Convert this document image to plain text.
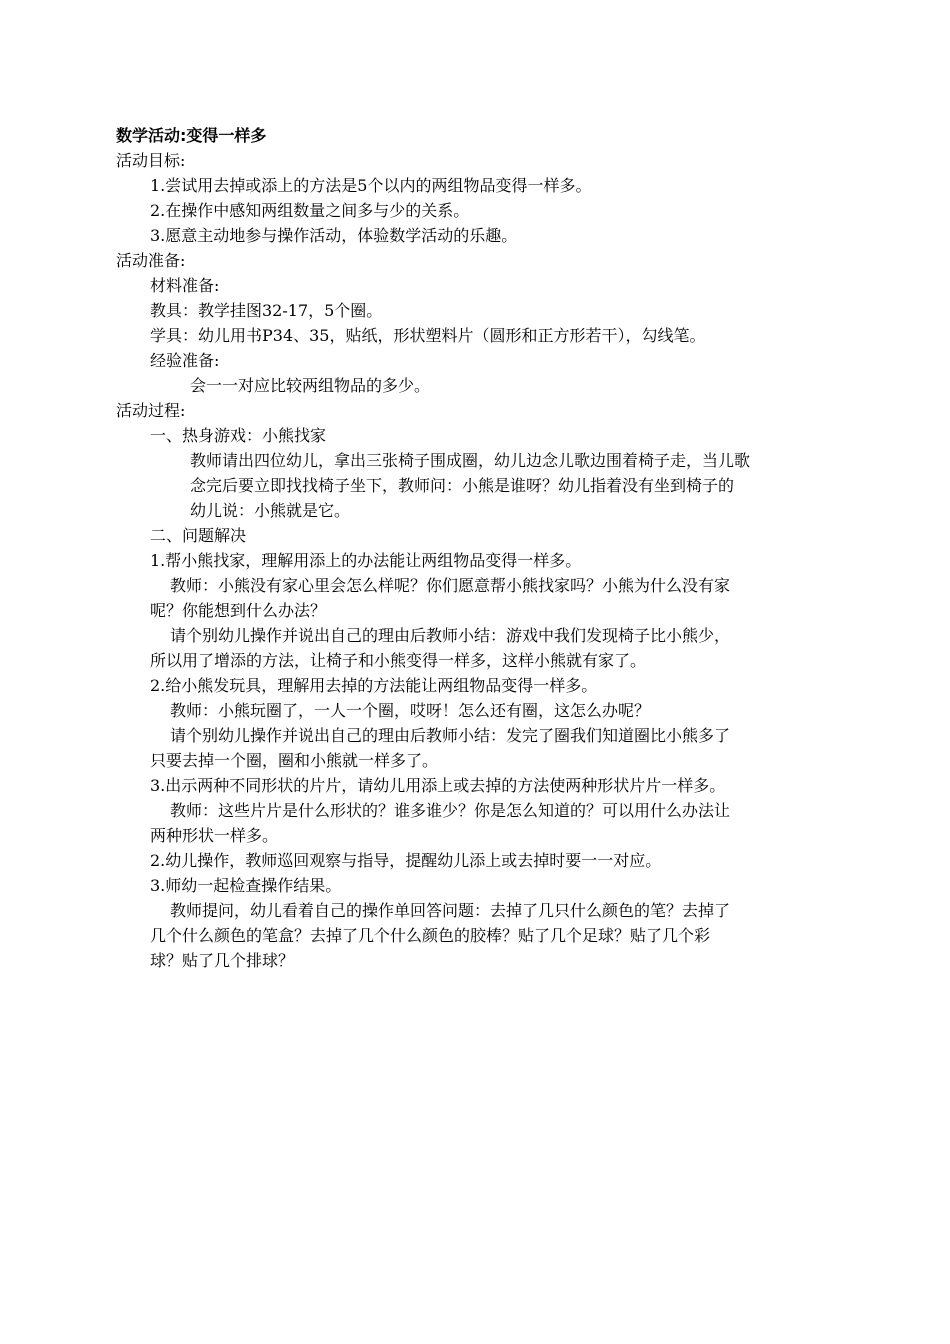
数学活动:变得一样多
活动目标:
1.尝试用去掉或添上的方法是5个以内的两组物品变得一样多。
2.在操作中感知两组数量之间多与少的关系。
3.愿意主动地参与操作活动，体验数学活动的乐趣。
活动准备:
材料准备:
教具：教学挂图32-17，5个圈。
学具：幼儿用书P34、35，贴纸，形状塑料片（圆形和正方形若干），勾线笔。
经验准备:
会一一对应比较两组物品的多少。
活动过程:
一、热身游戏：小熊找家
教师请出四位幼儿，拿出三张椅子围成圈，幼儿边念儿歌边围着椅子走，当儿歌
念完后要立即找找椅子坐下，教师问：小熊是谁呀？幼儿指着没有坐到椅子的
幼儿说：小熊就是它。
二、问题解决
1.帮小熊找家，理解用添上的办法能让两组物品变得一样多。
教师：小熊没有家心里会怎么样呢？你们愿意帮小熊找家吗？小熊为什么没有家
呢？你能想到什么办法？
请个别幼儿操作并说出自己的理由后教师小结：游戏中我们发现椅子比小熊少，
所以用了增添的方法，让椅子和小熊变得一样多，这样小熊就有家了。
2.给小熊发玩具，理解用去掉的方法能让两组物品变得一样多。
教师：小熊玩圈了，一人一个圈，哎呀！怎么还有圈，这怎么办呢？
请个别幼儿操作并说出自己的理由后教师小结：发完了圈我们知道圈比小熊多了
只要去掉一个圈，圈和小熊就一样多了。
3.出示两种不同形状的片片，请幼儿用添上或去掉的方法使两种形状片片一样多。
教师：这些片片是什么形状的？谁多谁少？你是怎么知道的？可以用什么办法让
两种形状一样多。
2.幼儿操作，教师巡回观察与指导，提醒幼儿添上或去掉时要一一对应。
3.师幼一起检查操作结果。
教师提问，幼儿看着自己的操作单回答问题：去掉了几只什么颜色的笔？去掉了
几个什么颜色的笔盒？去掉了几个什么颜色的胶棒？贴了几个足球？贴了几个彩
球？贴了几个排球？
